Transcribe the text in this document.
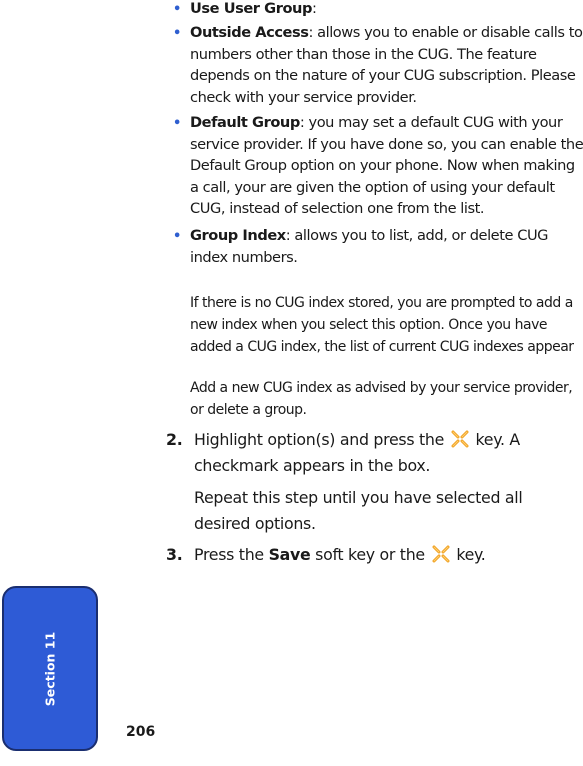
• Use User Group:
• Outside Access: allows you to enable or disable calls to numbers other than those in the CUG. The feature depends on the nature of your CUG subscription. Please check with your service provider.
• Default Group: you may set a default CUG with your service provider. If you have done so, you can enable the Default Group option on your phone. Now when making a call, your are given the option of using your default CUG, instead of selection one from the list.
• Group Index: allows you to list, add, or delete CUG index numbers.
If there is no CUG index stored, you are prompted to add a new index when you select this option. Once you have added a CUG index, the list of current CUG indexes appear
Add a new CUG index as advised by your service provider, or delete a group.
2. Highlight option(s) and press the key. A checkmark appears in the box.
Repeat this step until you have selected all desired options.
3. Press the Save soft key or the key.
Section 11
206
